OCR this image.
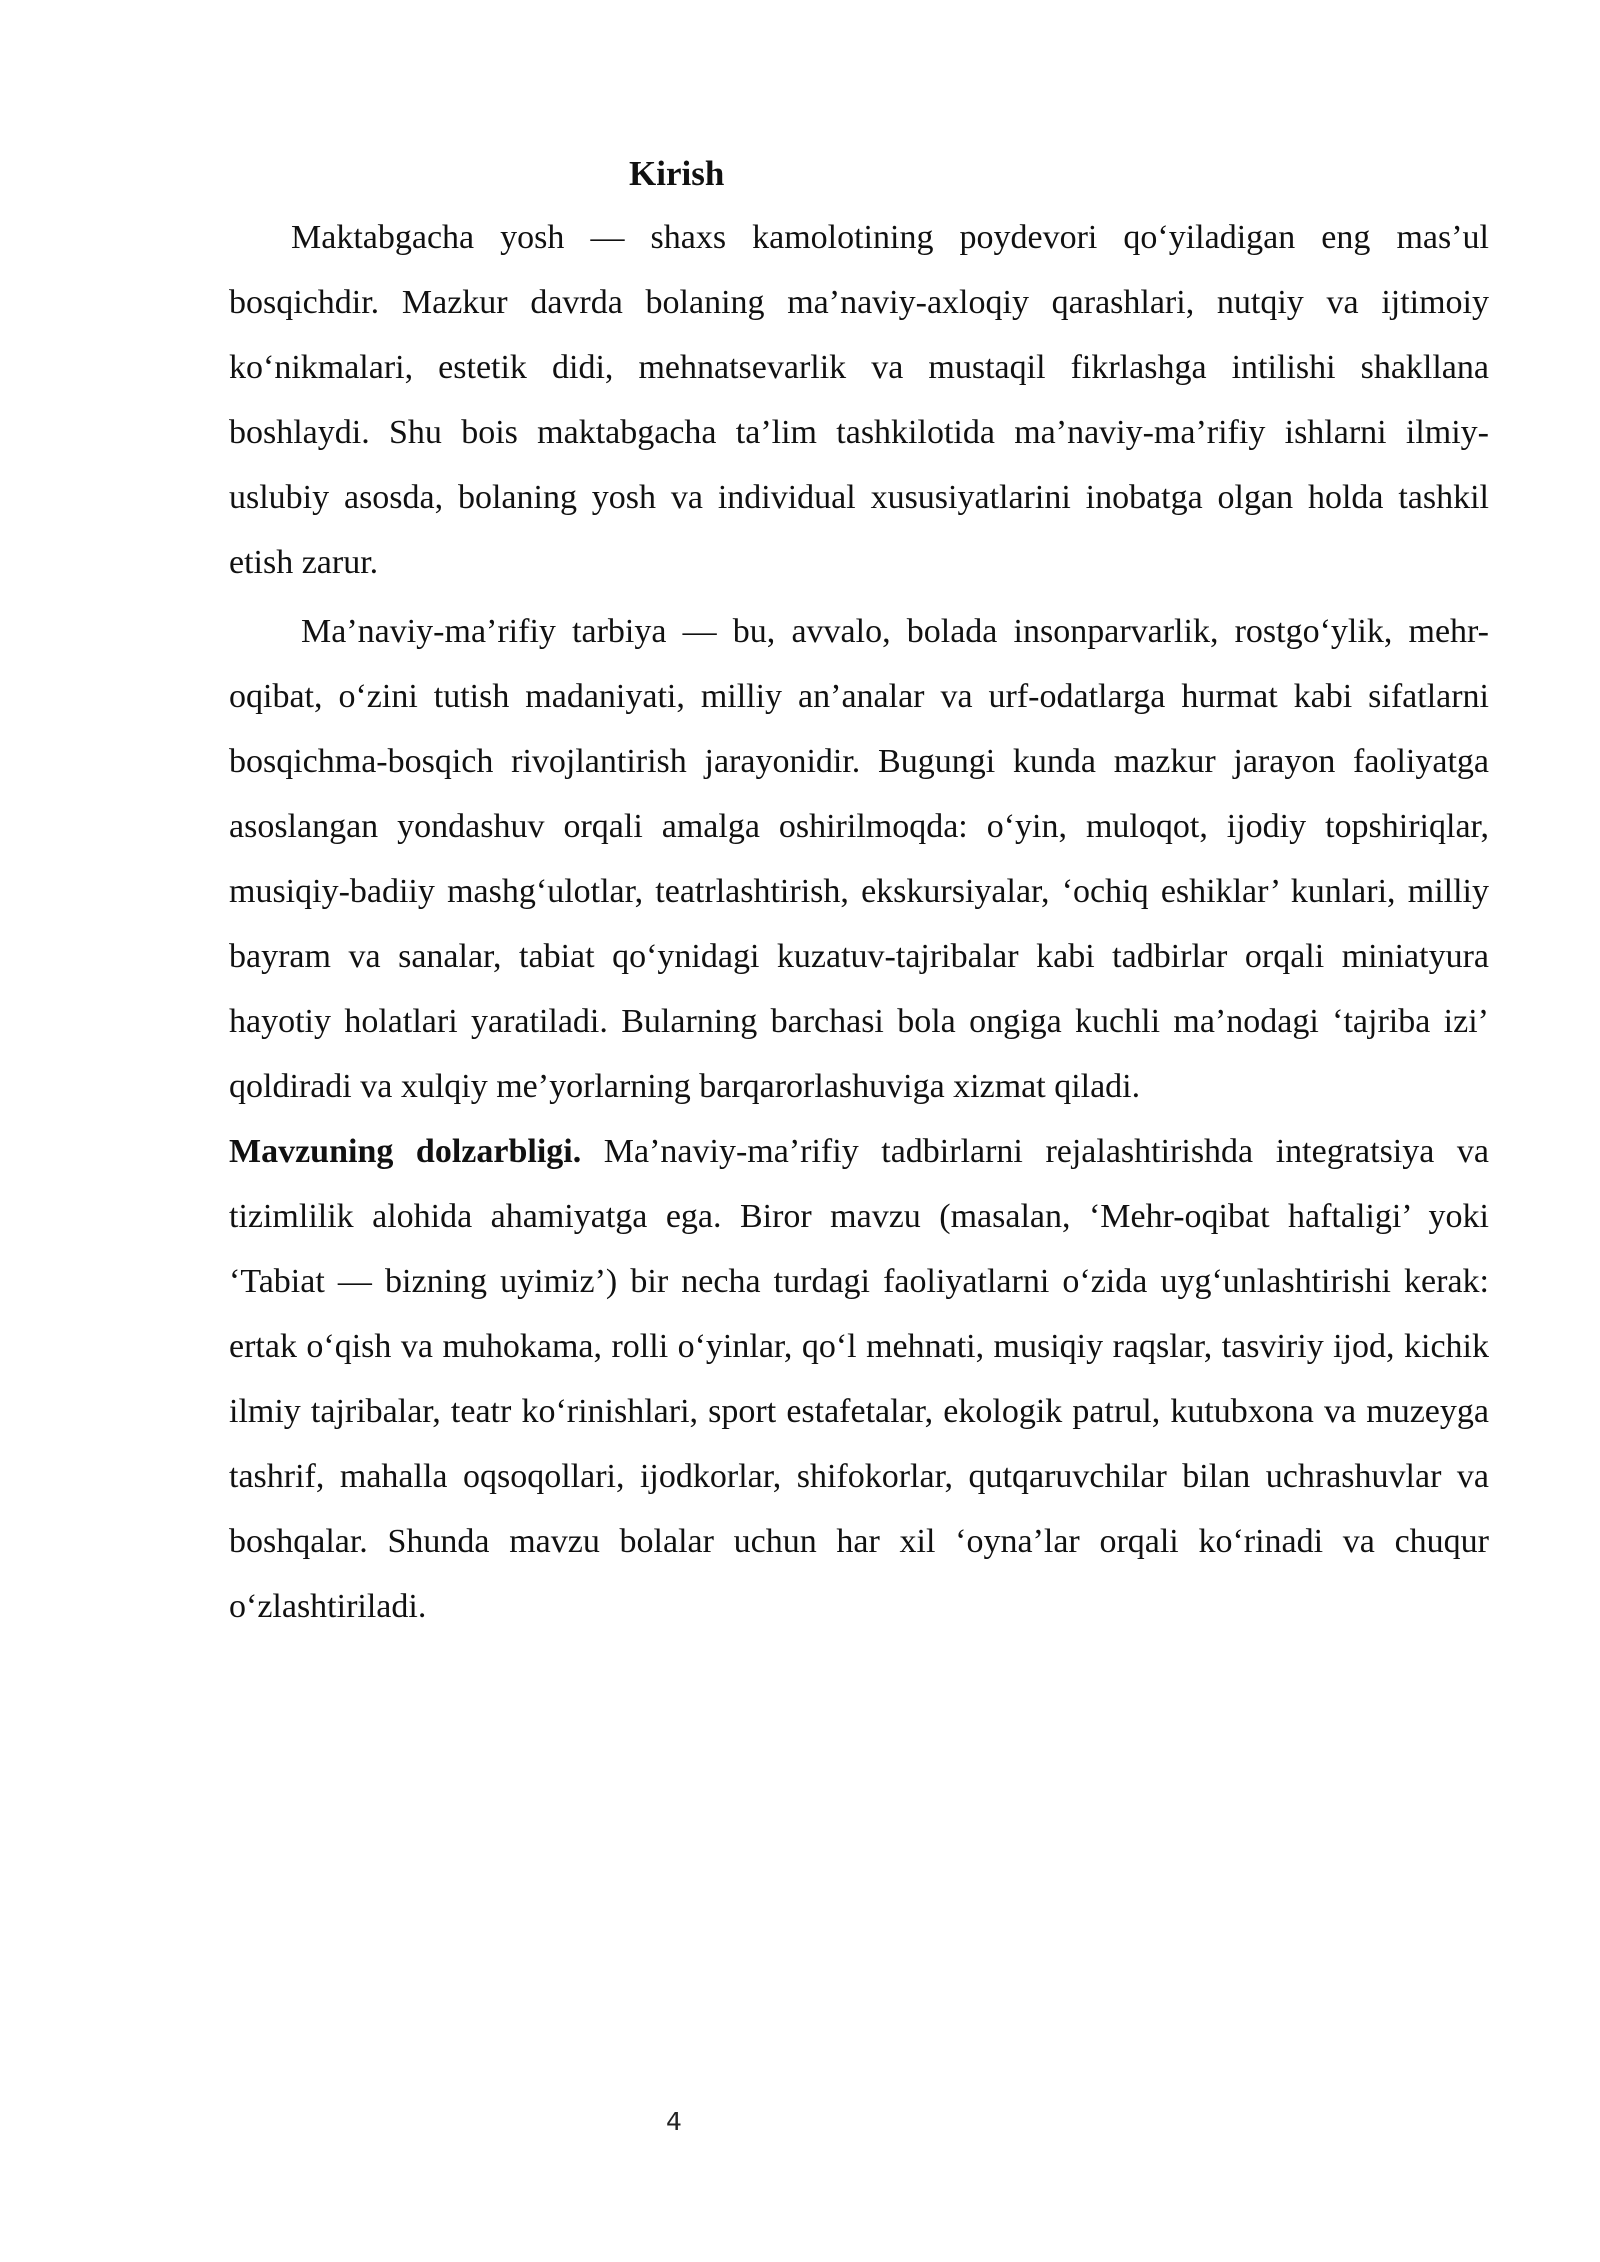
Kirish

Maktabgacha yosh — shaxs kamolotining poydevori qo‘yiladigan eng mas’ul bosqichdir. Mazkur davrda bolaning ma’naviy-axloqiy qarashlari, nutqiy va ijtimoiy ko‘nikmalari, estetik didi, mehnatsevarlik va mustaqil fikrlashga intilishi shakllana boshlaydi. Shu bois maktabgacha ta’lim tashkilotida ma’naviy-ma’rifiy ishlarni ilmiy-uslubiy asosda, bolaning yosh va individual xususiyatlarini inobatga olgan holda tashkil etish zarur.

Ma’naviy-ma’rifiy tarbiya — bu, avvalo, bolada insonparvarlik, rostgo‘ylik, mehr-oqibat, o‘zini tutish madaniyati, milliy an’analar va urf-odatlarga hurmat kabi sifatlarni bosqichma-bosqich rivojlantirish jarayonidir. Bugungi kunda mazkur jarayon faoliyatga asoslangan yondashuv orqali amalga oshirilmoqda: o‘yin, muloqot, ijodiy topshiriqlar, musiqiy-badiiy mashg‘ulotlar, teatrlashtirish, ekskursiyalar, ‘ochiq eshiklar’ kunlari, milliy bayram va sanalar, tabiat qo‘ynidagi kuzatuv-tajribalar kabi tadbirlar orqali miniatyura hayotiy holatlari yaratiladi. Bularning barchasi bola ongiga kuchli ma’nodagi ‘tajriba izi’ qoldiradi va xulqiy me’yorlarning barqarorlashuviga xizmat qiladi.

Mavzuning dolzarbligi. Ma’naviy-ma’rifiy tadbirlarni rejalashtirishda integratsiya va tizimlilik alohida ahamiyatga ega. Biror mavzu (masalan, ‘Mehr-oqibat haftaligi’ yoki ‘Tabiat — bizning uyimiz’) bir necha turdagi faoliyatlarni o‘zida uyg‘unlashtirishi kerak: ertak o‘qish va muhokama, rolli o‘yinlar, qo‘l mehnati, musiqiy raqslar, tasviriy ijod, kichik ilmiy tajribalar, teatr ko‘rinishlari, sport estafetalar, ekologik patrul, kutubxona va muzeyga tashrif, mahalla oqsoqollari, ijodkorlar, shifokorlar, qutqaruvchilar bilan uchrashuvlar va boshqalar. Shunda mavzu bolalar uchun har xil ‘oyna’lar orqali ko‘rinadi va chuqur o‘zlashtiriladi.

4
